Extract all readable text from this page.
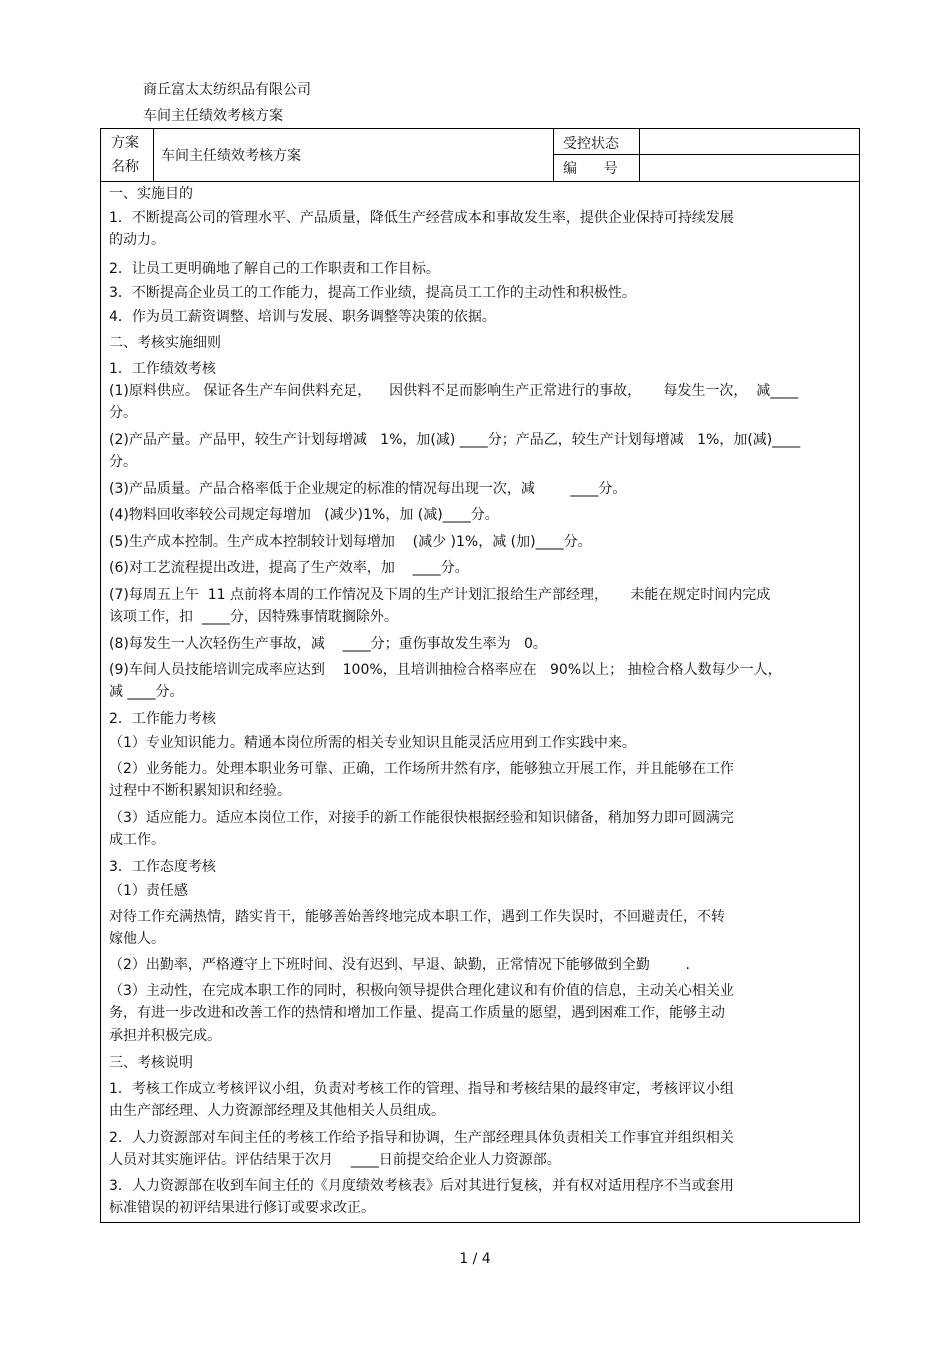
商丘富太太纺织品有限公司
车间主任绩效考核方案
方案
名称
车间主任绩效考核方案
受控状态
编      号
一、实施目的
1．不断提高公司的管理水平、产品质量，降低生产经营成本和事故发生率，提供企业保持可持续发展
的动力。
2．让员工更明确地了解自己的工作职责和工作目标。
3．不断提高企业员工的工作能力，提高工作业绩，提高员工工作的主动性和积极性。
4．作为员工薪资调整、培训与发展、职务调整等决策的依据。
二、考核实施细则
1．工作绩效考核
(1)原料供应。 保证各生产车间供料充足，    因供料不足而影响生产正常进行的事故，     每发生一次，  减____
分。
(2)产品产量。产品甲，较生产计划每增减   1%，加(减) ____分；产品乙，较生产计划每增减   1%，加(减)____
分。
(3)产品质量。产品合格率低于企业规定的标准的情况每出现一次，减        ____分。
(4)物料回收率较公司规定每增加   (减少)1%，加 (减)____分。
(5)生产成本控制。生产成本控制较计划每增加    (减少 )1%，减 (加)____分。
(6)对工艺流程提出改进，提高了生产效率，加    ____分。
(7)每周五上午  11 点前将本周的工作情况及下周的生产计划汇报给生产部经理，     未能在规定时间内完成
该项工作，扣  ____分，因特殊事情耽搁除外。
(8)每发生一人次轻伤生产事故，减    ____分；重伤事故发生率为   0。
(9)车间人员技能培训完成率应达到    100%，且培训抽检合格率应在   90%以上； 抽检合格人数每少一人，
减 ____分。
2．工作能力考核
（1）专业知识能力。精通本岗位所需的相关专业知识且能灵活应用到工作实践中来。
（2）业务能力。处理本职业务可靠、正确，工作场所井然有序，能够独立开展工作，并且能够在工作
过程中不断积累知识和经验。
（3）适应能力。适应本岗位工作，对接手的新工作能很快根据经验和知识储备，稍加努力即可圆满完
成工作。
3．工作态度考核
（1）责任感
对待工作充满热情，踏实肯干，能够善始善终地完成本职工作，遇到工作失误时，不回避责任，不转
嫁他人。
（2）出勤率，严格遵守上下班时间、没有迟到、早退、缺勤，正常情况下能够做到全勤        .
（3）主动性，在完成本职工作的同时，积极向领导提供合理化建议和有价值的信息，主动关心相关业
务，有进一步改进和改善工作的热情和增加工作量、提高工作质量的愿望，遇到困难工作，能够主动
承担并积极完成。
三、考核说明
1．考核工作成立考核评议小组，负责对考核工作的管理、指导和考核结果的最终审定，考核评议小组
由生产部经理、人力资源部经理及其他相关人员组成。
2．人力资源部对车间主任的考核工作给予指导和协调，生产部经理具体负责相关工作事宜并组织相关
人员对其实施评估。评估结果于次月    ____日前提交给企业人力资源部。
3．人力资源部在收到车间主任的《月度绩效考核表》后对其进行复核，并有权对适用程序不当或套用
标准错误的初评结果进行修订或要求改正。
1 / 4
